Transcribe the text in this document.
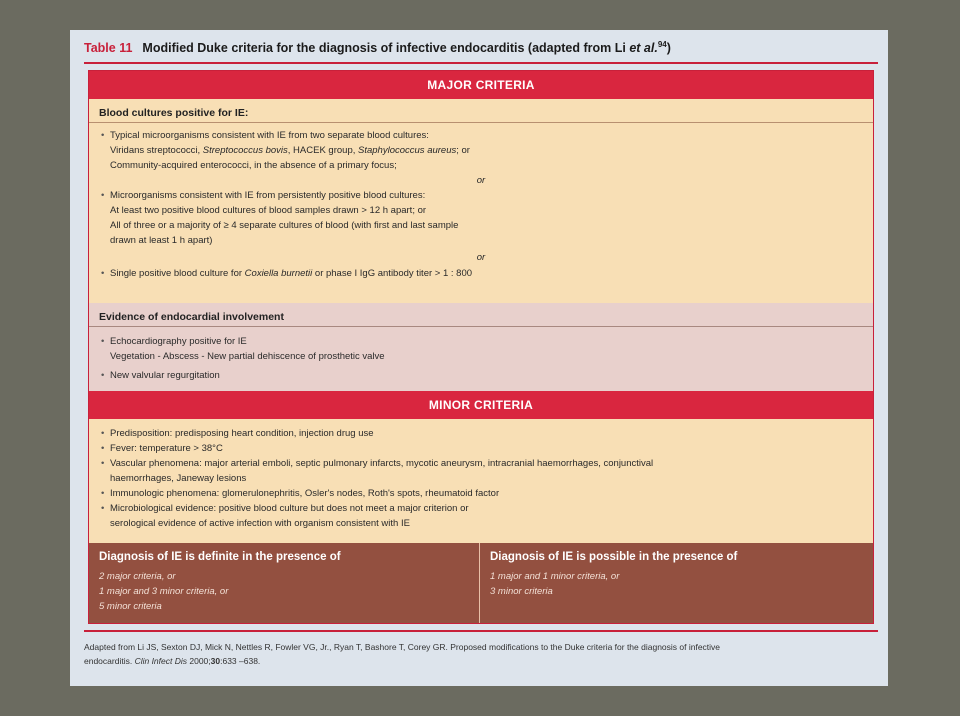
Table 11 Modified Duke criteria for the diagnosis of infective endocarditis (adapted from Li et al.$^{94}$)
MAJOR CRITERIA
Blood cultures positive for IE:
• Typical microorganisms consistent with IE from two separate blood cultures:
Viridans streptococci, Streptococcus bovis, HACEK group, Staphylococcus aureus; or
Community-acquired enterococci, in the absence of a primary focus;
or
• Microorganisms consistent with IE from persistently positive blood cultures:
At least two positive blood cultures of blood samples drawn > 12 h apart; or
All of three or a majority of ≥ 4 separate cultures of blood (with first and last sample
drawn at least 1 h apart)
or
• Single positive blood culture for Coxiella burnetii or phase I IgG antibody titer > 1 : 800
Evidence of endocardial involvement
• Echocardiography positive for IE
Vegetation - Abscess - New partial dehiscence of prosthetic valve
• New valvular regurgitation
MINOR CRITERIA
• Predisposition: predisposing heart condition, injection drug use
• Fever: temperature > 38°C
• Vascular phenomena: major arterial emboli, septic pulmonary infarcts, mycotic aneurysm, intracranial haemorrhages, conjunctival
haemorrhages, Janeway lesions
• Immunologic phenomena: glomerulonephritis, Osler's nodes, Roth's spots, rheumatoid factor
• Microbiological evidence: positive blood culture but does not meet a major criterion or
serological evidence of active infection with organism consistent with IE
Diagnosis of IE is definite in the presence of
2 major criteria, or
1 major and 3 minor criteria, or
5 minor criteria
Diagnosis of IE is possible in the presence of
1 major and 1 minor criteria, or
3 minor criteria
Adapted from Li JS, Sexton DJ, Mick N, Nettles R, Fowler VG, Jr., Ryan T, Bashore T, Corey GR. Proposed modifications to the Duke criteria for the diagnosis of infective
endocarditis. Clin Infect Dis 2000;30:633 –638.
